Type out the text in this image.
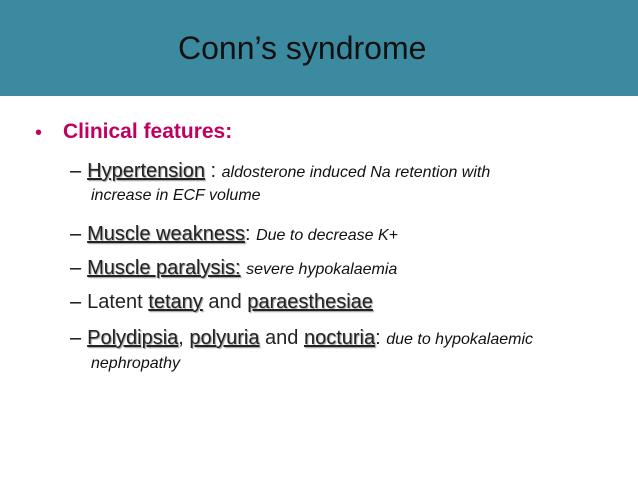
Conn’s syndrome
• Clinical features:
– Hypertension : aldosterone induced Na retention with
increase in ECF volume
– Muscle weakness: Due to decrease K+
– Muscle paralysis: severe hypokalaemia
– Latent tetany and paraesthesiae
– Polydipsia, polyuria and nocturia: due to hypokalaemic
nephropathy
